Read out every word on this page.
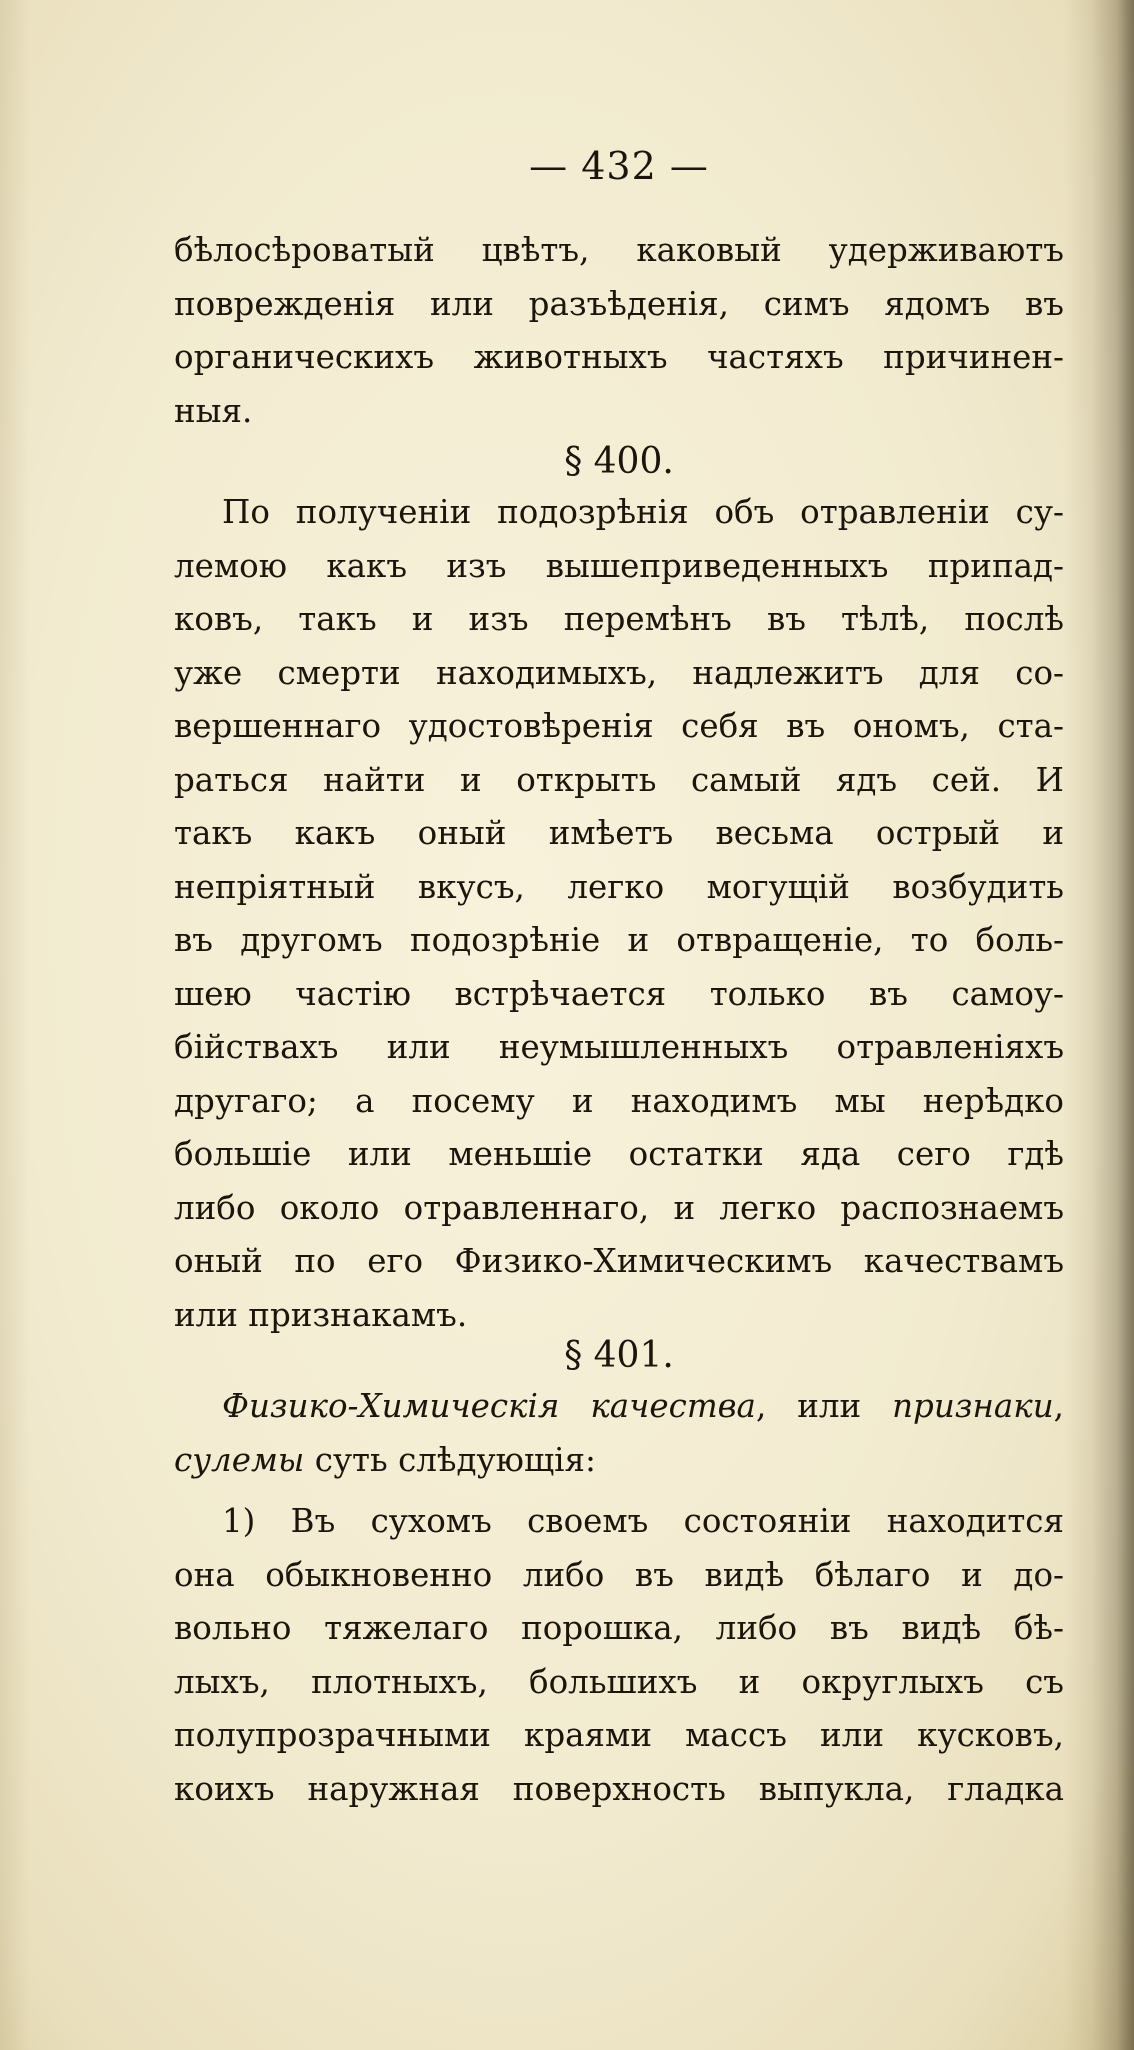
— 432 —
бѣлосѣроватый цвѣтъ, каковый удерживаютъ
поврежденія или разъѣденія, симъ ядомъ въ
органическихъ животныхъ частяхъ причинен-
ныя.
§ 400.
По полученіи подозрѣнія объ отравленіи су-
лемою какъ изъ вышеприведенныхъ припад-
ковъ, такъ и изъ перемѣнъ въ тѣлѣ, послѣ
уже смерти находимыхъ, надлежитъ для со-
вершеннаго удостовѣренія себя въ ономъ, ста-
раться найти и открыть самый ядъ сей. И
такъ какъ оный имѣетъ весьма острый и
непріятный вкусъ, легко могущій возбудить
въ другомъ подозрѣніе и отвращеніе, то боль-
шею частію встрѣчается только въ самоу-
бійствахъ или неумышленныхъ отравленіяхъ
другаго; а посему и находимъ мы нерѣдко
большіе или меньшіе остатки яда сего гдѣ
либо около отравленнаго, и легко распознаемъ
оный по его Физико-Химическимъ качествамъ
или признакамъ.
§ 401.
Физико-Химическія качества, или признаки,
сулемы суть слѣдующія:
1) Въ сухомъ своемъ состояніи находится
она обыкновенно либо въ видѣ бѣлаго и до-
вольно тяжелаго порошка, либо въ видѣ бѣ-
лыхъ, плотныхъ, большихъ и округлыхъ съ
полупрозрачными краями массъ или кусковъ,
коихъ наружная поверхность выпукла, гладка
